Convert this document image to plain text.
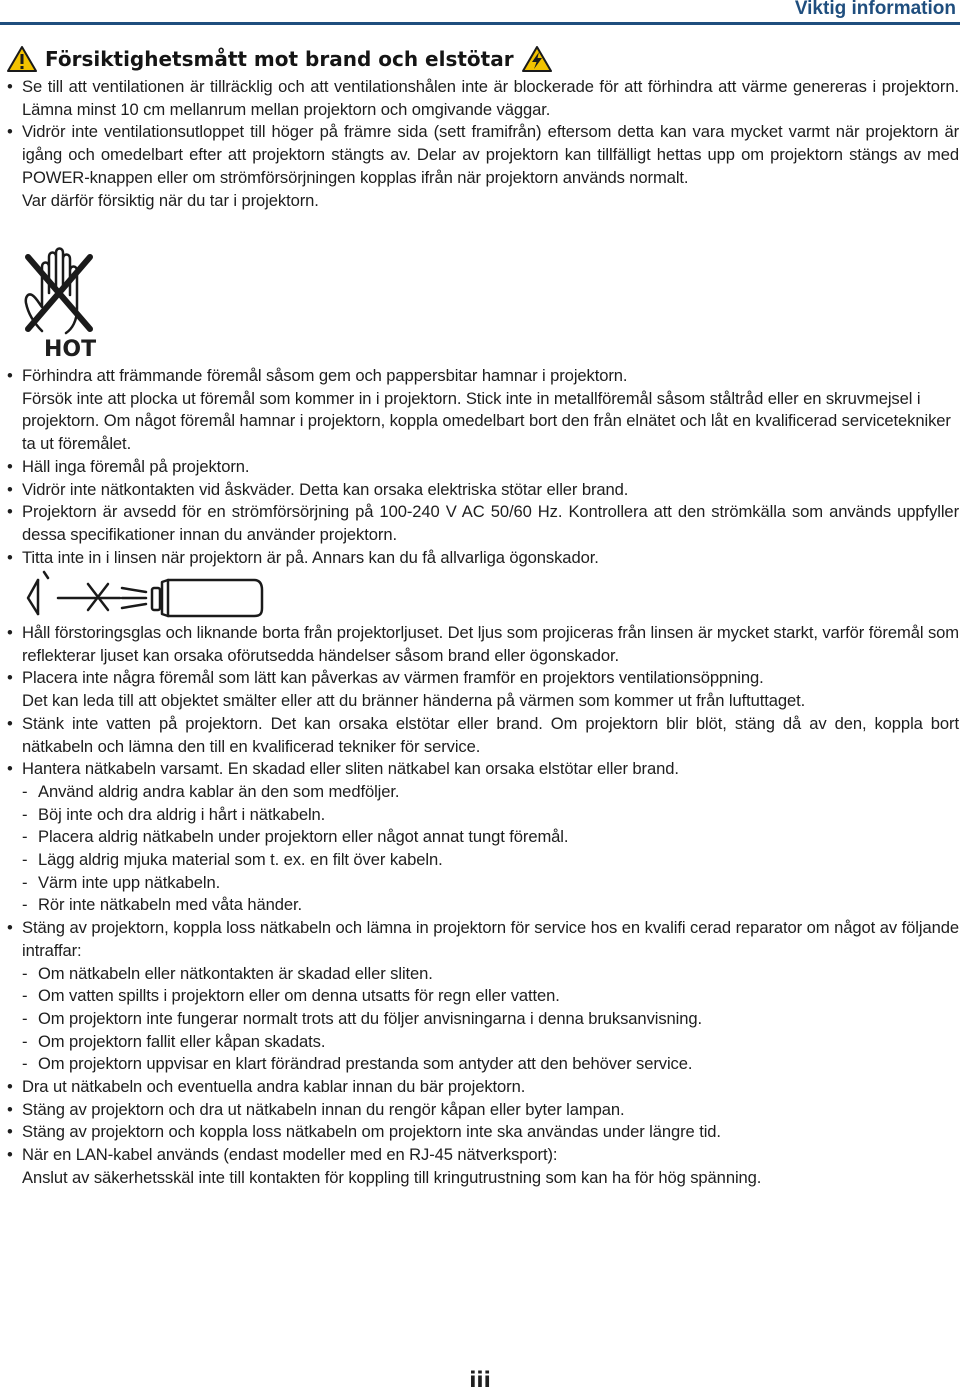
Viktig information
Försiktighetsmått mot brand och elstötar
• Se till att ventilationen är tillräcklig och att ventilationshålen inte är blockerade för att förhindra att värme genereras i projektorn. Lämna minst 10 cm mellanrum mellan projektorn och omgivande väggar.
• Vidrör inte ventilationsutloppet till höger på främre sida (sett framifrån) eftersom detta kan vara mycket varmt när projektorn är igång och omedelbart efter att projektorn stängts av. Delar av projektorn kan tillfälligt hettas upp om projektorn stängs av med POWER-knappen eller om strömförsörjningen kopplas ifrån när projektorn används normalt.
Var därför försiktig när du tar i projektorn.
HOT
• Förhindra att främmande föremål såsom gem och pappersbitar hamnar i projektorn.
Försök inte att plocka ut föremål som kommer in i projektorn. Stick inte in metallföremål såsom ståltråd eller en skruvmejsel i projektorn. Om något föremål hamnar i projektorn, koppla omedelbart bort den från elnätet och låt en kvalificerad servicetekniker ta ut föremålet.
• Häll inga föremål på projektorn.
• Vidrör inte nätkontakten vid åskväder. Detta kan orsaka elektriska stötar eller brand.
• Projektorn är avsedd för en strömförsörjning på 100-240 V AC 50/60 Hz. Kontrollera att den strömkälla som används uppfyller dessa specifikationer innan du använder projektorn.
• Titta inte in i linsen när projektorn är på. Annars kan du få allvarliga ögonskador.
• Håll förstoringsglas och liknande borta från projektorljuset. Det ljus som projiceras från linsen är mycket starkt, varför föremål som reflekterar ljuset kan orsaka oförutsedda händelser såsom brand eller ögonskador.
• Placera inte några föremål som lätt kan påverkas av värmen framför en projektors ventilationsöppning.
Det kan leda till att objektet smälter eller att du bränner händerna på värmen som kommer ut från luftuttaget.
• Stänk inte vatten på projektorn. Det kan orsaka elstötar eller brand. Om projektorn blir blöt, stäng då av den, koppla bort nätkabeln och lämna den till en kvalificerad tekniker för service.
• Hantera nätkabeln varsamt. En skadad eller sliten nätkabel kan orsaka elstötar eller brand.
- Använd aldrig andra kablar än den som medföljer.
- Böj inte och dra aldrig i hårt i nätkabeln.
- Placera aldrig nätkabeln under projektorn eller något annat tungt föremål.
- Lägg aldrig mjuka material som t. ex. en filt över kabeln.
- Värm inte upp nätkabeln.
- Rör inte nätkabeln med våta händer.
• Stäng av projektorn, koppla loss nätkabeln och lämna in projektorn för service hos en kvalifi cerad reparator om något av följande intraffar:
- Om nätkabeln eller nätkontakten är skadad eller sliten.
- Om vatten spillts i projektorn eller om denna utsatts för regn eller vatten.
- Om projektorn inte fungerar normalt trots att du följer anvisningarna i denna bruksanvisning.
- Om projektorn fallit eller kåpan skadats.
- Om projektorn uppvisar en klart förändrad prestanda som antyder att den behöver service.
• Dra ut nätkabeln och eventuella andra kablar innan du bär projektorn.
• Stäng av projektorn och dra ut nätkabeln innan du rengör kåpan eller byter lampan.
• Stäng av projektorn och koppla loss nätkabeln om projektorn inte ska användas under längre tid.
• När en LAN-kabel används (endast modeller med en RJ-45 nätverksport):
Anslut av säkerhetsskäl inte till kontakten för koppling till kringutrustning som kan ha för hög spänning.
iii
